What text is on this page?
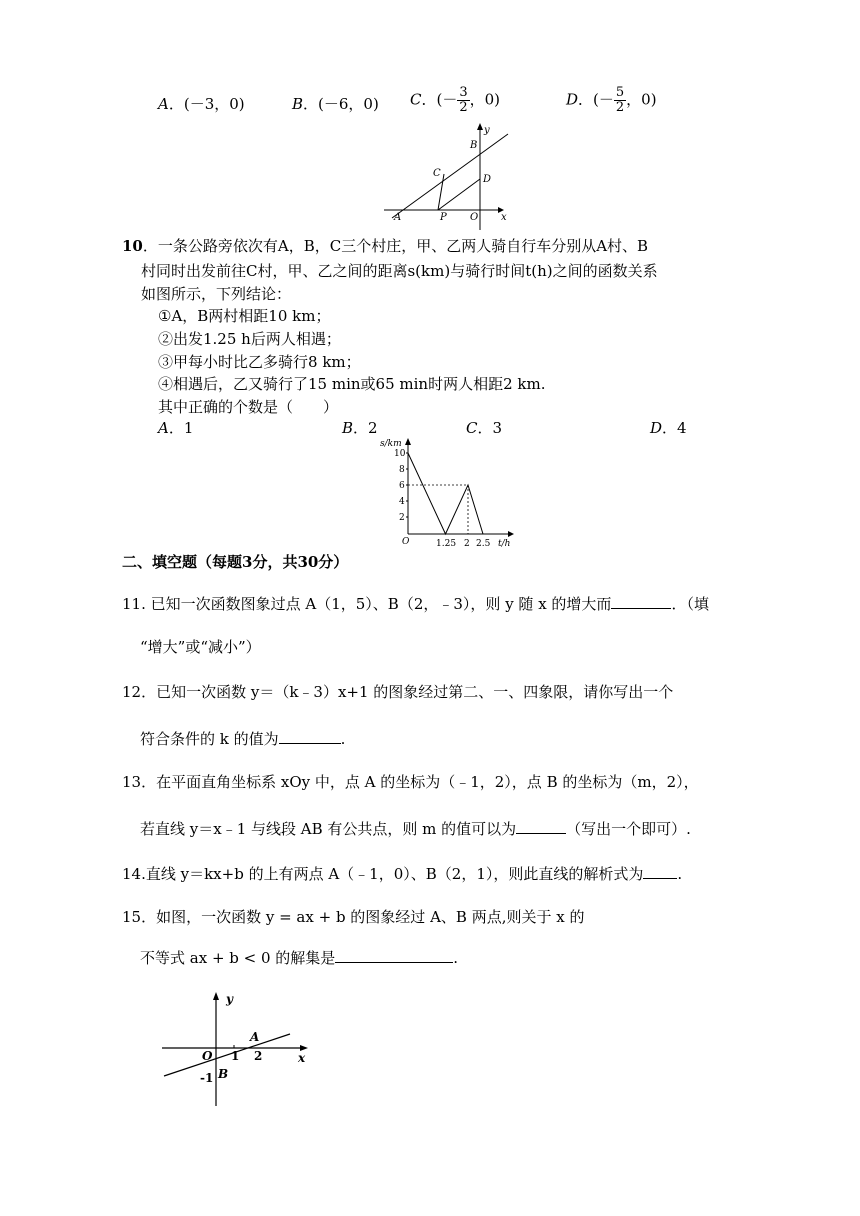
A．(－3，0)	B．(－6，0) C．(－ $\frac{3}{2}$ ，0)	D．(－ $\frac{5}{2}$ ，0)
y
B
C
D
A	P O x
10．一条公路旁依次有A，B，C三个村庄，甲、乙两人骑自行车分别从A村、B
村同时出发前往C村，甲、乙之间的距离s(km)与骑行时间t(h)之间的函数关系
如图所示，下列结论：
①A，B两村相距10 km；
②出发1.25 h后两人相遇；
③甲每小时比乙多骑行8 km；
④相遇后，乙又骑行了15 min或65 min时两人相距2 km.
其中正确的个数是（　　）
A．1	B．2	C．3	D．4
s/km
t/h
O
10
8
6
4
2
1.25 2 2.5
二、填空题（每题3分，共30分）
11. 已知一次函数图象过点 A（1，5）、B（2，﹣3），则 y 随 x 的增大而	．（填
“增大”或“减小”）
12．已知一次函数 y＝（k﹣3）x+1 的图象经过第二、一、四象限，请你写出一个
符合条件的 k 的值为	.
13．在平面直角坐标系 xOy 中，点 A 的坐标为（﹣1，2），点 B 的坐标为（m，2），
若直线 y＝x﹣1 与线段 AB 有公共点，则 m 的值可以为	（写出一个即可）.
14.直线 y＝kx+b 的上有两点 A（﹣1，0）、B（2，1），则此直线的解析式为 .
15．如图，一次函数 y = ax + b 的图象经过 A、B 两点,则关于 x 的
不等式 ax + b < 0 的解集是	.
y
A
O 1 2	x
-1 B
